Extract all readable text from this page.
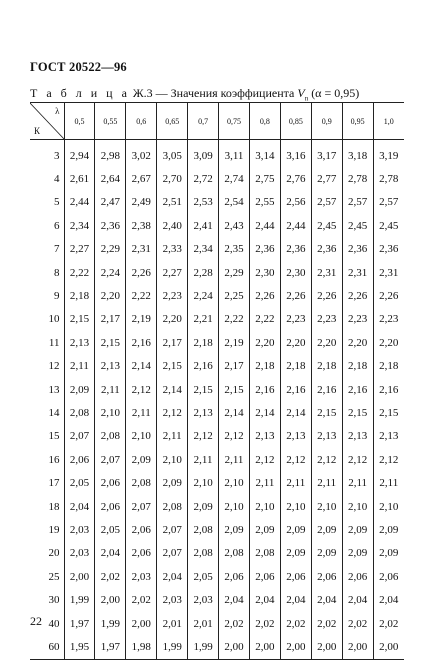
ГОСТ 20522—96
Т а б л и ц а Ж.3 — Значения коэффициента $V_n$ (α = 0,95)
λ
К	0,5	0,55	0,6	0,65	0,7	0,75	0,8	0,85	0,9	0,95	1,0
3	2,94	2,98	3,02	3,05	3,09	3,11	3,14	3,16	3,17	3,18	3,19
4	2,61	2,64	2,67	2,70	2,72	2,74	2,75	2,76	2,77	2,78	2,78
5	2,44	2,47	2,49	2,51	2,53	2,54	2,55	2,56	2,57	2,57	2,57
6	2,34	2,36	2,38	2,40	2,41	2,43	2,44	2,44	2,45	2,45	2,45
7	2,27	2,29	2,31	2,33	2,34	2,35	2,36	2,36	2,36	2,36	2,36
8	2,22	2,24	2,26	2,27	2,28	2,29	2,30	2,30	2,31	2,31	2,31
9	2,18	2,20	2,22	2,23	2,24	2,25	2,26	2,26	2,26	2,26	2,26
10	2,15	2,17	2,19	2,20	2,21	2,22	2,22	2,23	2,23	2,23	2,23
11	2,13	2,15	2,16	2,17	2,18	2,19	2,20	2,20	2,20	2,20	2,20
12	2,11	2,13	2,14	2,15	2,16	2,17	2,18	2,18	2,18	2,18	2,18
13	2,09	2,11	2,12	2,14	2,15	2,15	2,16	2,16	2,16	2,16	2,16
14	2,08	2,10	2,11	2,12	2,13	2,14	2,14	2,14	2,15	2,15	2,15
15	2,07	2,08	2,10	2,11	2,12	2,12	2,13	2,13	2,13	2,13	2,13
16	2,06	2,07	2,09	2,10	2,11	2,11	2,12	2,12	2,12	2,12	2,12
17	2,05	2,06	2,08	2,09	2,10	2,10	2,11	2,11	2,11	2,11	2,11
18	2,04	2,06	2,07	2,08	2,09	2,10	2,10	2,10	2,10	2,10	2,10
19	2,03	2,05	2,06	2,07	2,08	2,09	2,09	2,09	2,09	2,09	2,09
20	2,03	2,04	2,06	2,07	2,08	2,08	2,08	2,09	2,09	2,09	2,09
25	2,00	2,02	2,03	2,04	2,05	2,06	2,06	2,06	2,06	2,06	2,06
30	1,99	2,00	2,02	2,03	2,03	2,04	2,04	2,04	2,04	2,04	2,04
40	1,97	1,99	2,00	2,01	2,01	2,02	2,02	2,02	2,02	2,02	2,02
60	1,95	1,97	1,98	1,99	1,99	2,00	2,00	2,00	2,00	2,00	2,00
22
